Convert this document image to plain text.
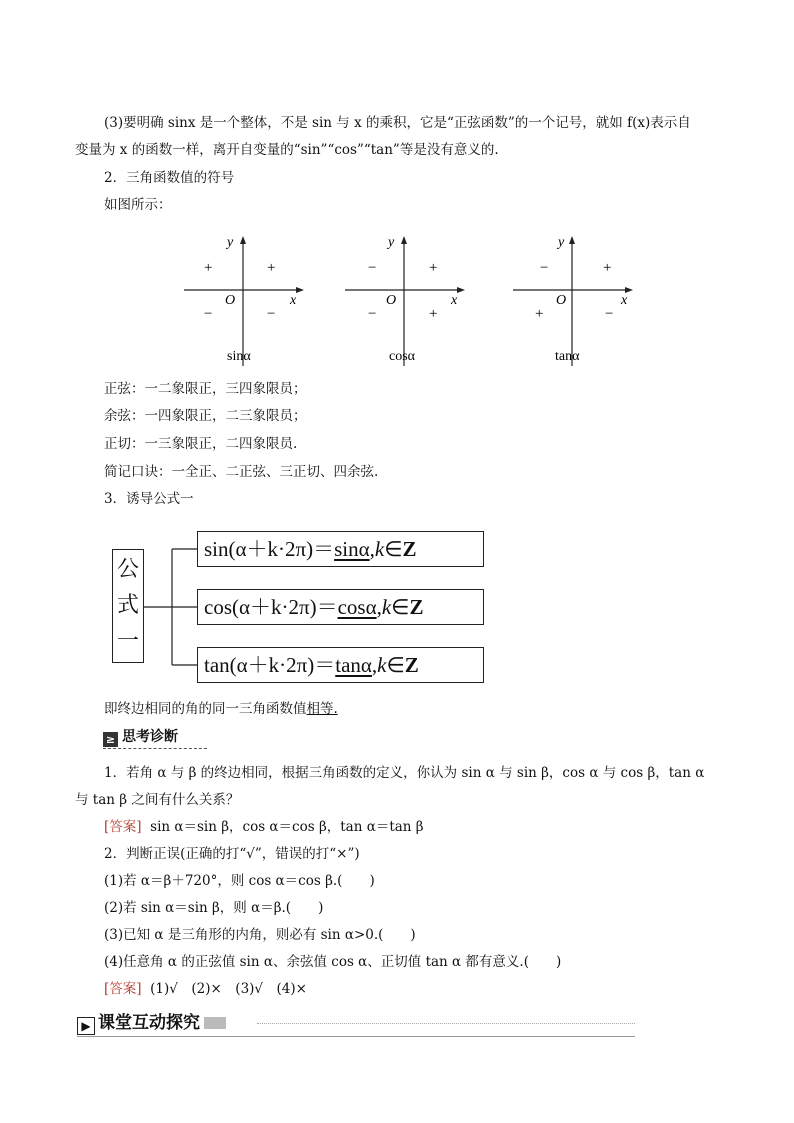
(3)要明确 sinx 是一个整体，不是 sin 与 x 的乘积，它是“正弦函数”的一个记号，就如 f(x)表示自
变量为 x 的函数一样，离开自变量的“sin”“cos”“tan”等是没有意义的.
2．三角函数值的符号
如图所示：
y
x
O
+
+
−	−
sinα
y
x
O
+
−
−	+
cosα
y
x
O
+
−
+	−
tanα
正弦：一二象限正，三四象限员；
余弦：一四象限正，二三象限员；
正切：一三象限正，二四象限员.
简记口诀：一全正、二正弦、三正切、四余弦.
3．诱导公式一
公
式
一
sin(α＋k·2π)＝sinα,k∈Z
cos(α＋k·2π)＝cosα,k∈Z
tan(α＋k·2π)＝tanα,k∈Z
即终边相同的角的同一三角函数值相等.
≥ 思考诊断
1．若角 α 与 β 的终边相同，根据三角函数的定义，你认为 sin α 与 sin β，cos α 与 cos β，tan α
与 tan β 之间有什么关系？
[答案] sin α＝sin β，cos α＝cos β，tan α＝tan β
2．判断正误(正确的打“√”，错误的打“×”)
(1)若 α＝β＋720°，则 cos α＝cos β.(　　)
(2)若 sin α＝sin β，则 α＝β.(　　)
(3)已知 α 是三角形的内角，则必有 sin α>0.(　　)
(4)任意角 α 的正弦值 sin α、余弦值 cos α、正切值 tan α 都有意义.(　　)
[答案] (1)√　(2)×　(3)√　(4)×
▶ 课堂互动探究
